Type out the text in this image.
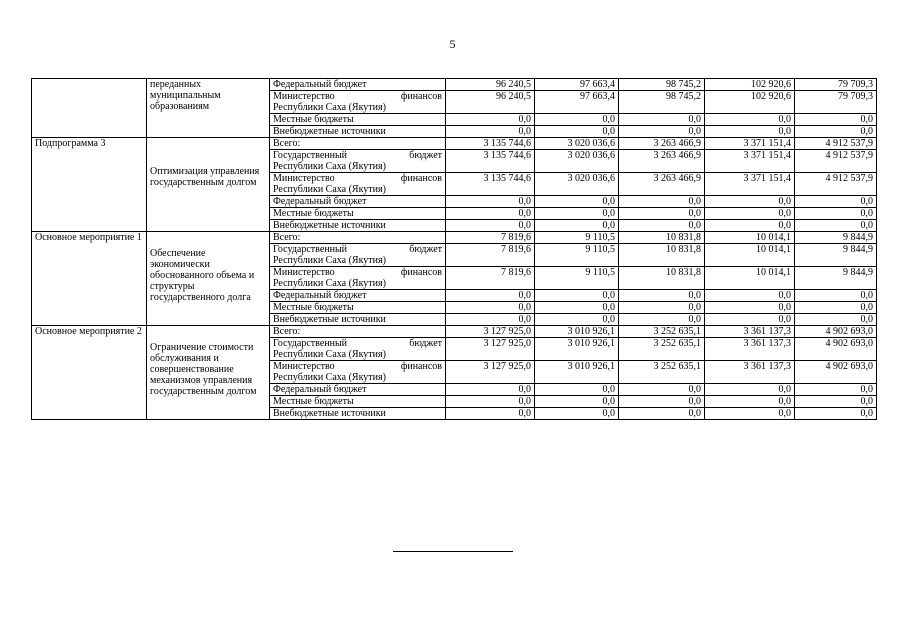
5

	переданных муниципальным образованиям	Федеральный бюджет	96 240,5	97 663,4	98 745,2	102 920,6	79 709,3

		Министерство финансов
Республики Саха (Якутия)	96 240,5	97 663,4	98 745,2	102 920,6	79 709,3
		Местные бюджеты	0,0	0,0	0,0	0,0	0,0
		Внебюджетные источники	0,0	0,0	0,0	0,0	0,0
Подпрограмма 3	Оптимизация управления государственным долгом	Всего:	3 135 744,6	3 020 036,6	3 263 466,9	3 371 151,4	4 912 537,9

		Государственный бюджет
Республики Саха (Якутия)	3 135 744,6	3 020 036,6	3 263 466,9	3 371 151,4	4 912 537,9

		Министерство финансов
Республики Саха (Якутия)	3 135 744,6	3 020 036,6	3 263 466,9	3 371 151,4	4 912 537,9
		Федеральный бюджет	0,0	0,0	0,0	0,0	0,0
		Местные бюджеты	0,0	0,0	0,0	0,0	0,0
		Внебюджетные источники	0,0	0,0	0,0	0,0	0,0
Основное мероприятие 1	Обеспечение экономически обоснованного объема и структуры государственного долга	Всего:	7 819,6	9 110,5	10 831,8	10 014,1	9 844,9

		Государственный бюджет
Республики Саха (Якутия)	7 819,6	9 110,5	10 831,8	10 014,1	9 844,9

		Министерство финансов
Республики Саха (Якутия)	7 819,6	9 110,5	10 831,8	10 014,1	9 844,9
		Федеральный бюджет	0,0	0,0	0,0	0,0	0,0
		Местные бюджеты	0,0	0,0	0,0	0,0	0,0
		Внебюджетные источники	0,0	0,0	0,0	0,0	0,0
Основное мероприятие 2	Ограничение стоимости обслуживания и совершенствование механизмов управления государственным долгом	Всего:	3 127 925,0	3 010 926,1	3 252 635,1	3 361 137,3	4 902 693,0

		Государственный бюджет
Республики Саха (Якутия)	3 127 925,0	3 010 926,1	3 252 635,1	3 361 137,3	4 902 693,0

		Министерство финансов
Республики Саха (Якутия)	3 127 925,0	3 010 926,1	3 252 635,1	3 361 137,3	4 902 693,0
		Федеральный бюджет	0,0	0,0	0,0	0,0	0,0
		Местные бюджеты	0,0	0,0	0,0	0,0	0,0
		Внебюджетные источники	0,0	0,0	0,0	0,0	0,0
